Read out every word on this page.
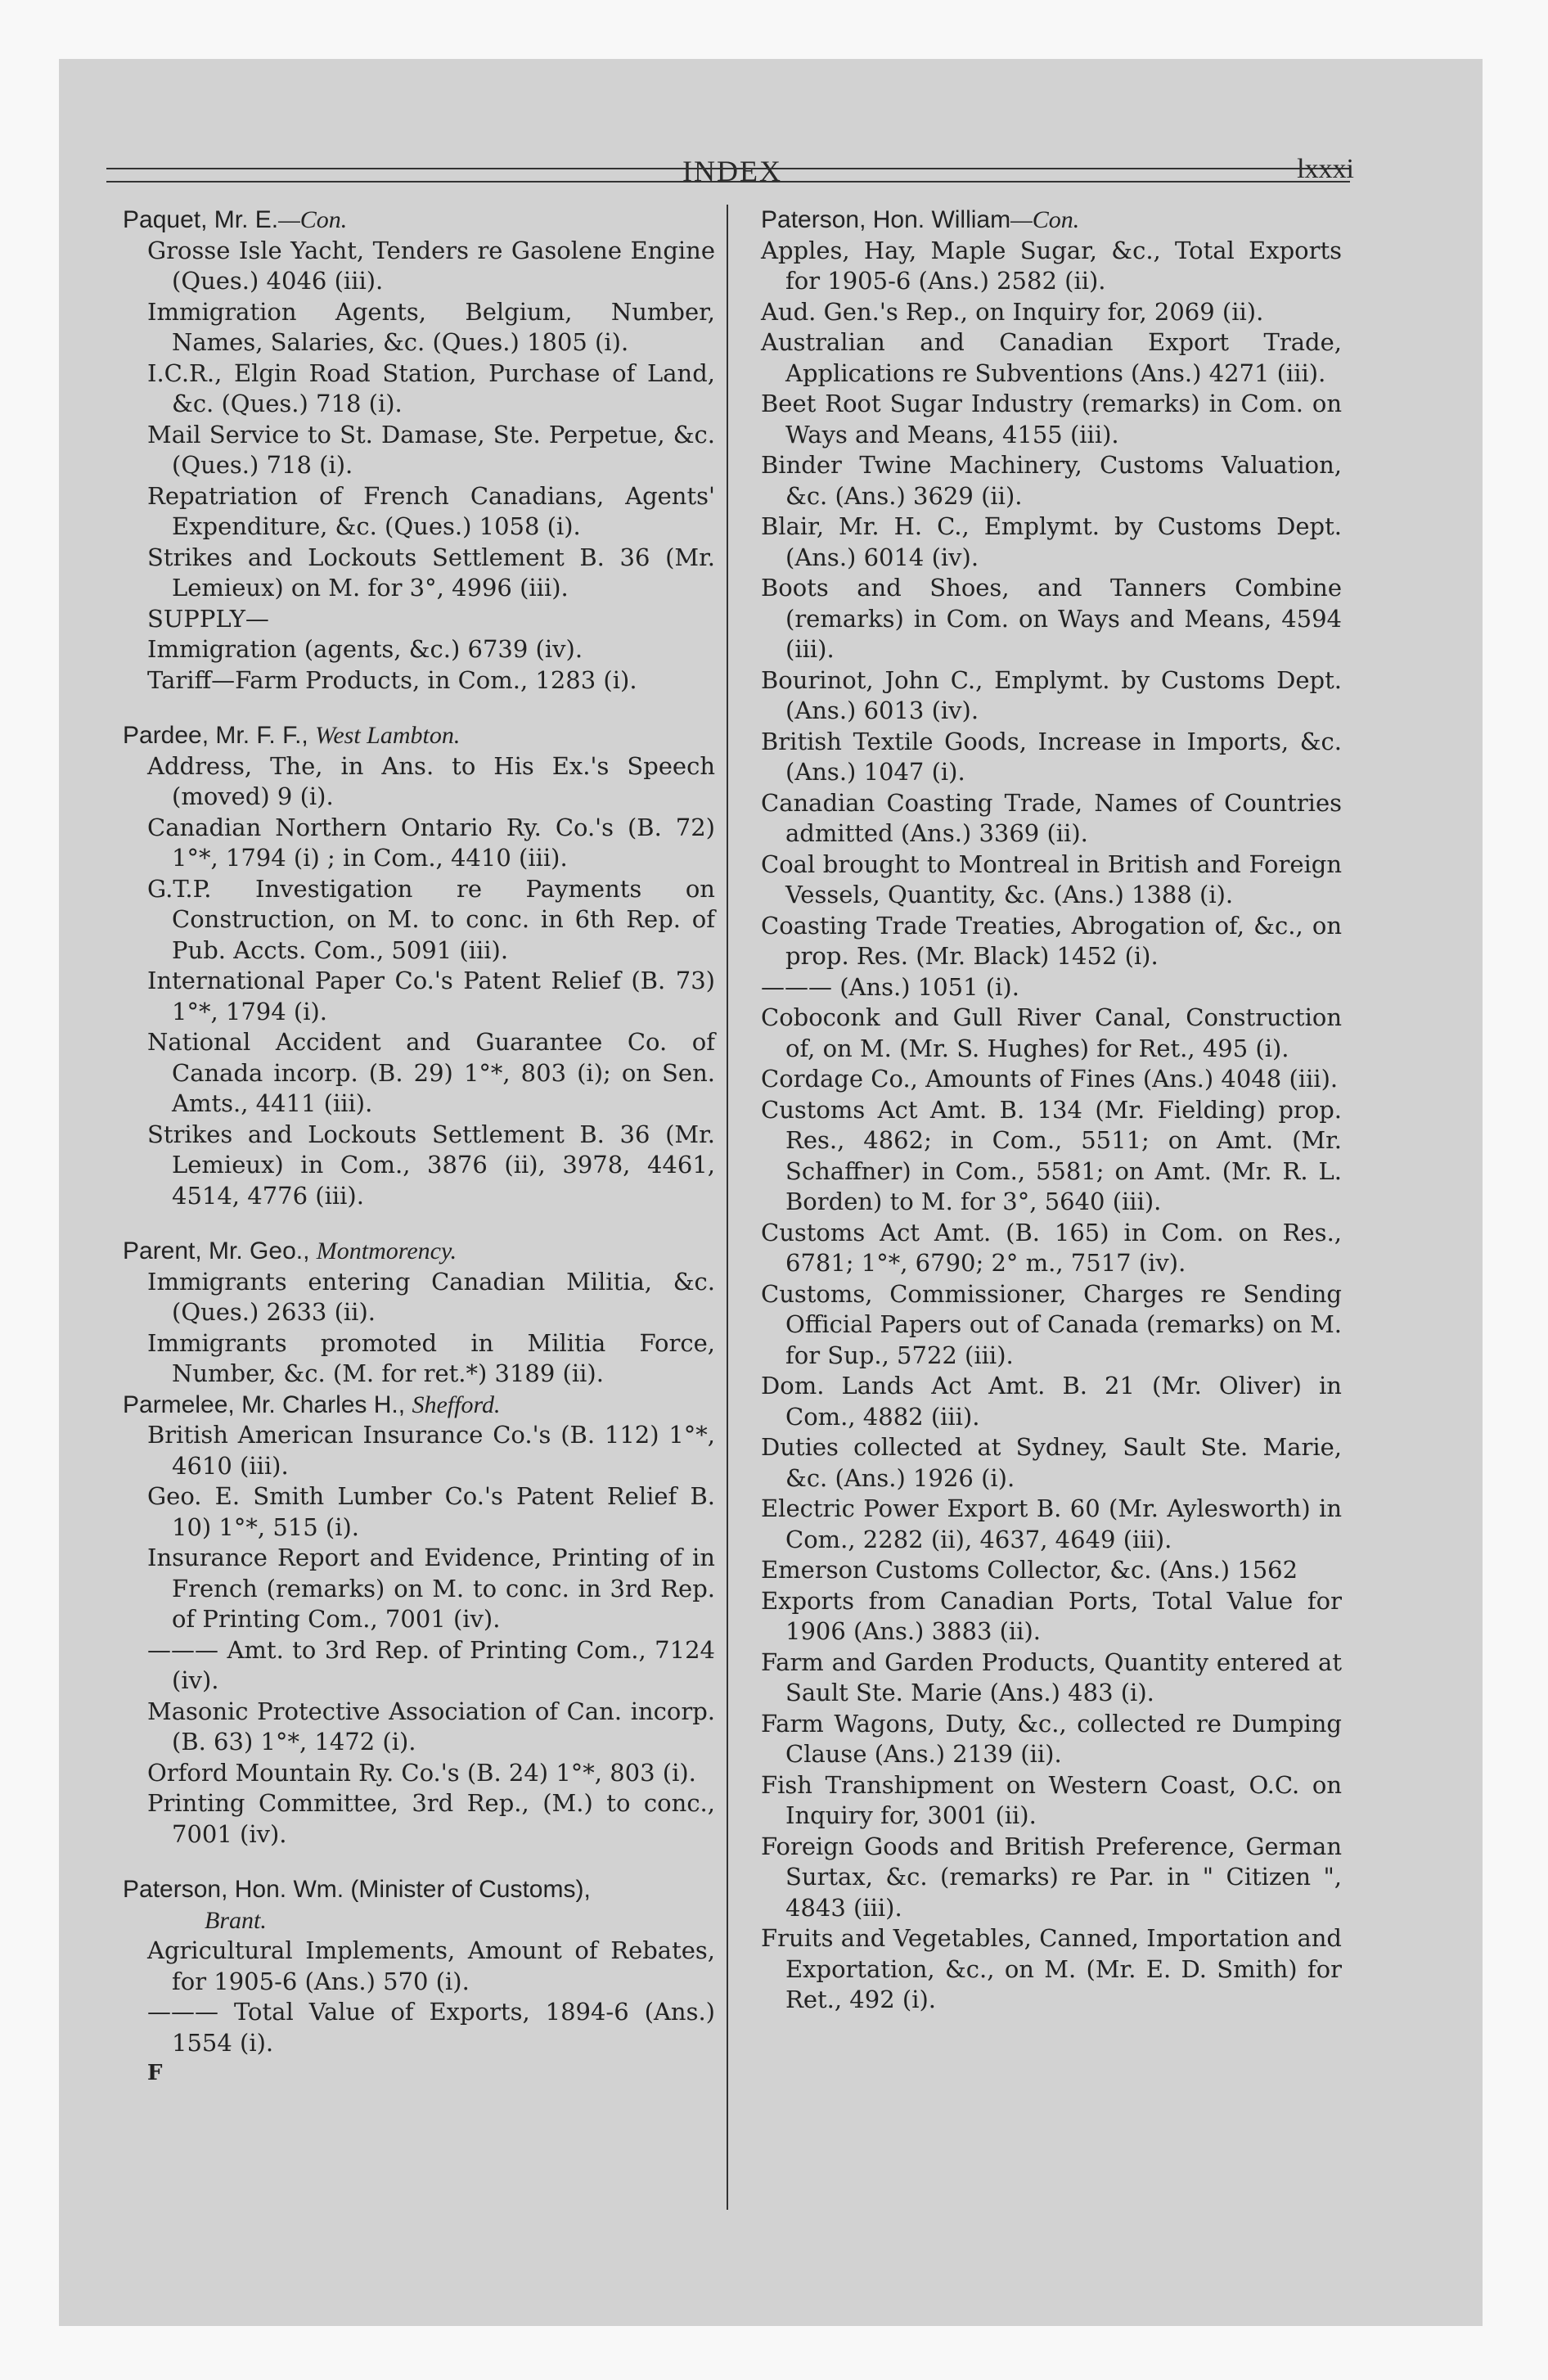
INDEX	lxxxi
Paquet, Mr. E.—Con.
Grosse Isle Yacht, Tenders re Gasolene Engine (Ques.) 4046 (iii).
Immigration Agents, Belgium, Number, Names, Salaries, &c. (Ques.) 1805 (i).
I.C.R., Elgin Road Station, Purchase of Land, &c. (Ques.) 718 (i).
Mail Service to St. Damase, Ste. Perpetue, &c. (Ques.) 718 (i).
Repatriation of French Canadians, Agents' Expenditure, &c. (Ques.) 1058 (i).
Strikes and Lockouts Settlement B. 36 (Mr. Lemieux) on M. for 3°, 4996 (iii).
SUPPLY—
Immigration (agents, &c.) 6739 (iv).
Tariff—Farm Products, in Com., 1283 (i).
Pardee, Mr. F. F., West Lambton.
Address, The, in Ans. to His Ex.'s Speech (moved) 9 (i).
Canadian Northern Ontario Ry. Co.'s (B. 72) 1°*, 1794 (i) ; in Com., 4410 (iii).
G.T.P. Investigation re Payments on Construction, on M. to conc. in 6th Rep. of Pub. Accts. Com., 5091 (iii).
International Paper Co.'s Patent Relief (B. 73) 1°*, 1794 (i).
National Accident and Guarantee Co. of Canada incorp. (B. 29) 1°*, 803 (i); on Sen. Amts., 4411 (iii).
Strikes and Lockouts Settlement B. 36 (Mr. Lemieux) in Com., 3876 (ii), 3978, 4461, 4514, 4776 (iii).
Parent, Mr. Geo., Montmorency.
Immigrants entering Canadian Militia, &c. (Ques.) 2633 (ii).
Immigrants promoted in Militia Force, Number, &c. (M. for ret.*) 3189 (ii).
Parmelee, Mr. Charles H., Shefford.
British American Insurance Co.'s (B. 112) 1°*, 4610 (iii).
Geo. E. Smith Lumber Co.'s Patent Relief B. 10) 1°*, 515 (i).
Insurance Report and Evidence, Printing of in French (remarks) on M. to conc. in 3rd Rep. of Printing Com., 7001 (iv).
——— Amt. to 3rd Rep. of Printing Com., 7124 (iv).
Masonic Protective Association of Can. incorp. (B. 63) 1°*, 1472 (i).
Orford Mountain Ry. Co.'s (B. 24) 1°*, 803 (i).
Printing Committee, 3rd Rep., (M.) to conc., 7001 (iv).
Paterson, Hon. Wm. (Minister of Customs),
Brant.
Agricultural Implements, Amount of Rebates, for 1905-6 (Ans.) 570 (i).
——— Total Value of Exports, 1894-6 (Ans.) 1554 (i).
F
Paterson, Hon. William—Con.
Apples, Hay, Maple Sugar, &c., Total Exports for 1905-6 (Ans.) 2582 (ii).
Aud. Gen.'s Rep., on Inquiry for, 2069 (ii).
Australian and Canadian Export Trade, Applications re Subventions (Ans.) 4271 (iii).
Beet Root Sugar Industry (remarks) in Com. on Ways and Means, 4155 (iii).
Binder Twine Machinery, Customs Valuation, &c. (Ans.) 3629 (ii).
Blair, Mr. H. C., Emplymt. by Customs Dept. (Ans.) 6014 (iv).
Boots and Shoes, and Tanners Combine (remarks) in Com. on Ways and Means, 4594 (iii).
Bourinot, John C., Emplymt. by Customs Dept. (Ans.) 6013 (iv).
British Textile Goods, Increase in Imports, &c. (Ans.) 1047 (i).
Canadian Coasting Trade, Names of Countries admitted (Ans.) 3369 (ii).
Coal brought to Montreal in British and Foreign Vessels, Quantity, &c. (Ans.) 1388 (i).
Coasting Trade Treaties, Abrogation of, &c., on prop. Res. (Mr. Black) 1452 (i).
——— (Ans.) 1051 (i).
Coboconk and Gull River Canal, Construction of, on M. (Mr. S. Hughes) for Ret., 495 (i).
Cordage Co., Amounts of Fines (Ans.) 4048 (iii).
Customs Act Amt. B. 134 (Mr. Fielding) prop. Res., 4862; in Com., 5511; on Amt. (Mr. Schaffner) in Com., 5581; on Amt. (Mr. R. L. Borden) to M. for 3°, 5640 (iii).
Customs Act Amt. (B. 165) in Com. on Res., 6781; 1°*, 6790; 2° m., 7517 (iv).
Customs, Commissioner, Charges re Sending Official Papers out of Canada (remarks) on M. for Sup., 5722 (iii).
Dom. Lands Act Amt. B. 21 (Mr. Oliver) in Com., 4882 (iii).
Duties collected at Sydney, Sault Ste. Marie, &c. (Ans.) 1926 (i).
Electric Power Export B. 60 (Mr. Aylesworth) in Com., 2282 (ii), 4637, 4649 (iii).
Emerson Customs Collector, &c. (Ans.) 1562
Exports from Canadian Ports, Total Value for 1906 (Ans.) 3883 (ii).
Farm and Garden Products, Quantity entered at Sault Ste. Marie (Ans.) 483 (i).
Farm Wagons, Duty, &c., collected re Dumping Clause (Ans.) 2139 (ii).
Fish Transhipment on Western Coast, O.C. on Inquiry for, 3001 (ii).
Foreign Goods and British Preference, German Surtax, &c. (remarks) re Par. in " Citizen ", 4843 (iii).
Fruits and Vegetables, Canned, Importation and Exportation, &c., on M. (Mr. E. D. Smith) for Ret., 492 (i).
